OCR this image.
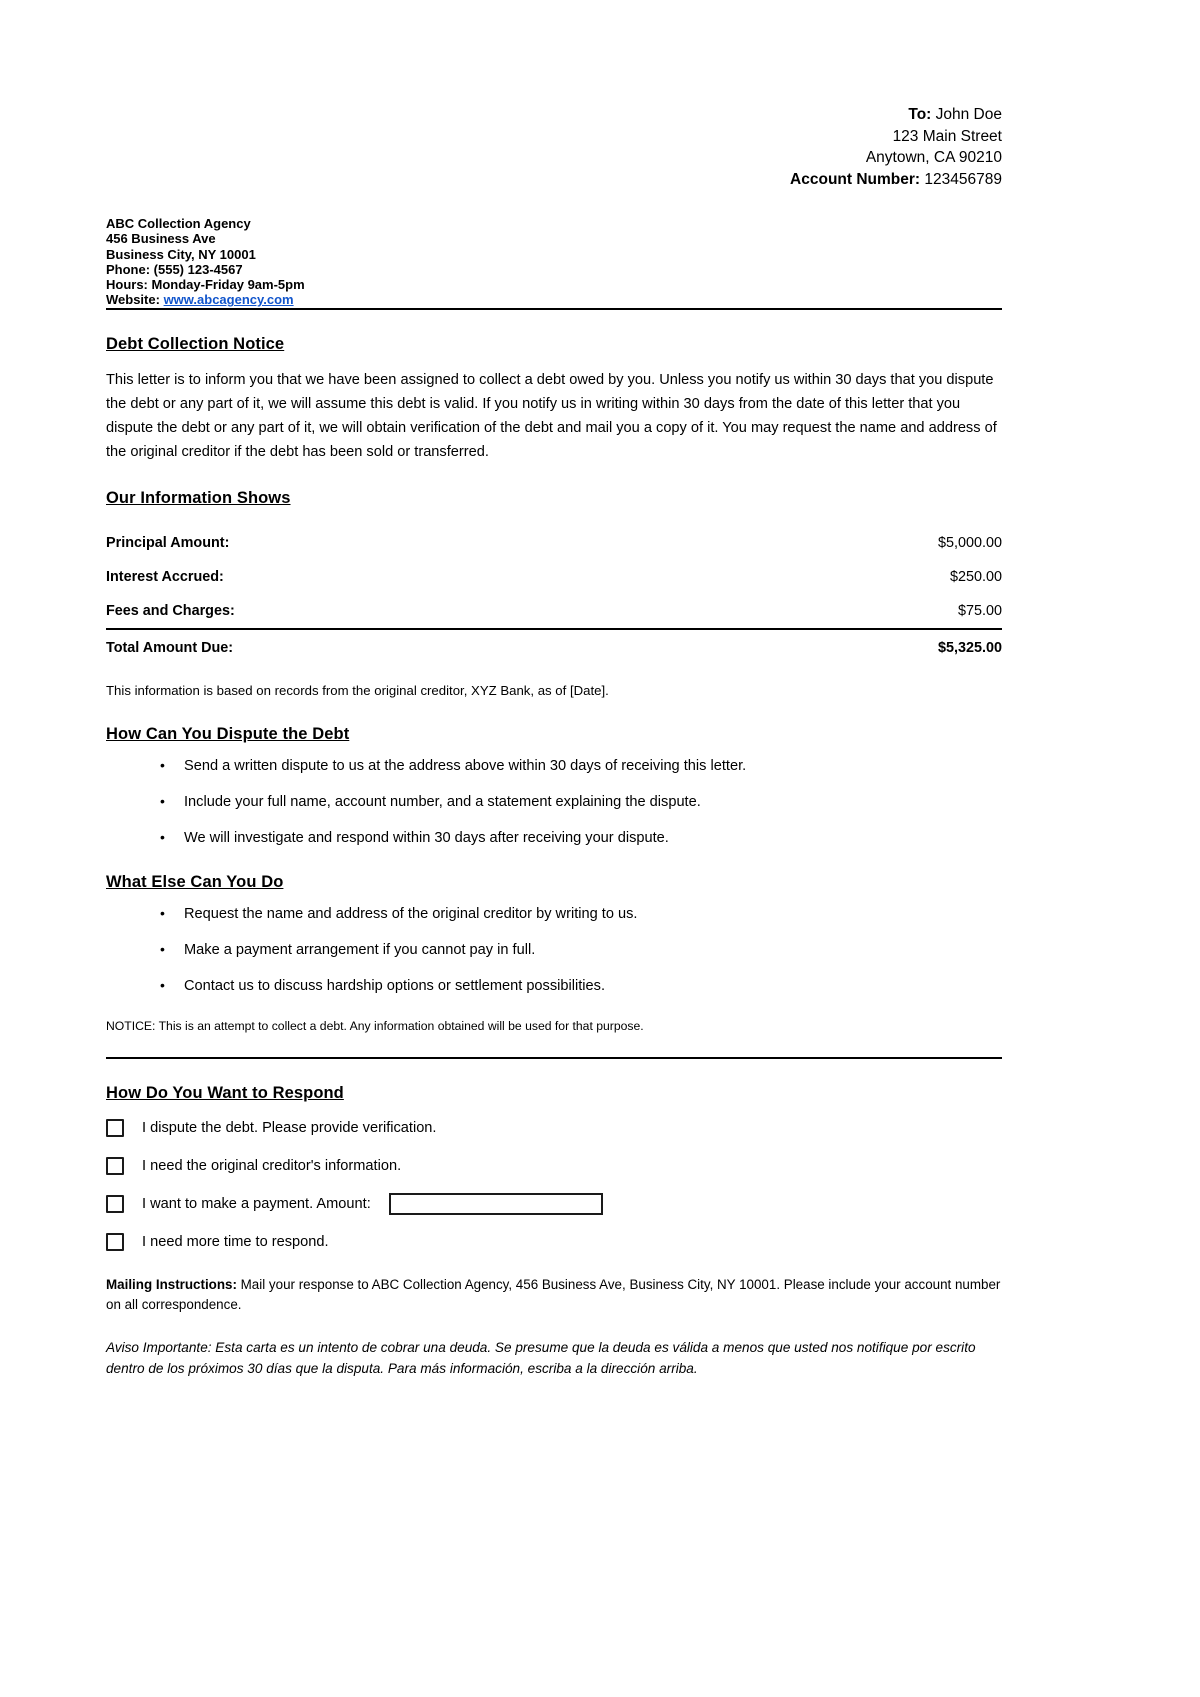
To: John Doe
123 Main Street
Anytown, CA 90210
Account Number: 123456789
ABC Collection Agency
456 Business Ave
Business City, NY 10001
Phone: (555) 123-4567
Hours: Monday-Friday 9am-5pm
Website: www.abcagency.com
Debt Collection Notice

This letter is to inform you that we have been assigned to collect a debt owed by you. Unless you notify us within 30 days that you dispute the debt or any part of it, we will assume this debt is valid. If you notify us in writing within 30 days from the date of this letter that you dispute the debt or any part of it, we will obtain verification of the debt and mail you a copy of it. You may request the name and address of the original creditor if the debt has been sold or transferred.

Our Information Shows
Principal Amount:	$5,000.00
Interest Accrued:	$250.00
Fees and Charges:	$75.00
Total Amount Due:	$5,325.00

This information is based on records from the original creditor, XYZ Bank, as of [Date].

How Can You Dispute the Debt
• Send a written dispute to us at the address above within 30 days of receiving this letter.
• Include your full name, account number, and a statement explaining the dispute.
• We will investigate and respond within 30 days after receiving your dispute.
What Else Can You Do
• Request the name and address of the original creditor by writing to us.
• Make a payment arrangement if you cannot pay in full.
• Contact us to discuss hardship options or settlement possibilities.

NOTICE: This is an attempt to collect a debt. Any information obtained will be used for that purpose.

How Do You Want to Respond
I dispute the debt. Please provide verification.
I need the original creditor's information.
I want to make a payment. Amount:
I need more time to respond.

Mailing Instructions: Mail your response to ABC Collection Agency, 456 Business Ave, Business City, NY 10001. Please include your account number on all correspondence.

Aviso Importante: Esta carta es un intento de cobrar una deuda. Se presume que la deuda es válida a menos que usted nos notifique por escrito dentro de los próximos 30 días que la disputa. Para más información, escriba a la dirección arriba.
